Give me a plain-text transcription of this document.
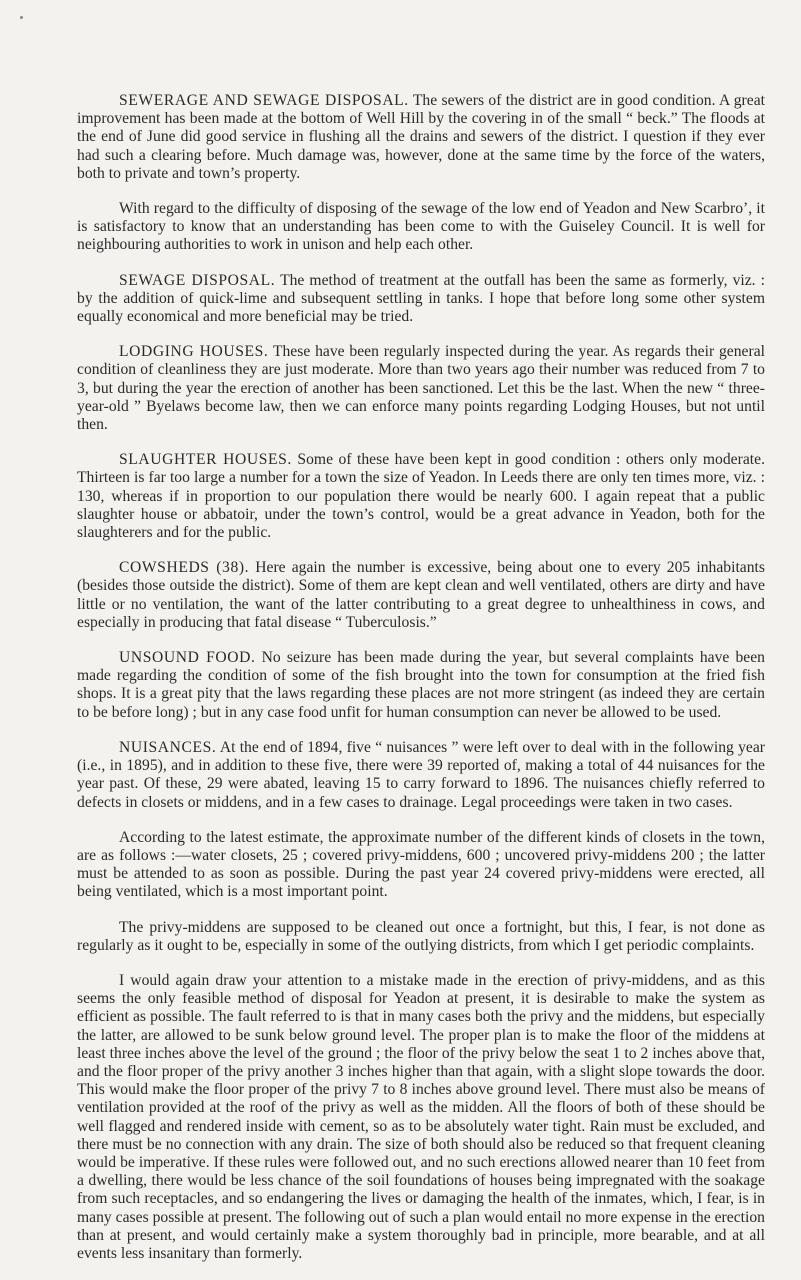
SEWERAGE AND SEWAGE DISPOSAL. The sewers of the district are in good condition. A great improvement has been made at the bottom of Well Hill by the covering in of the small “ beck.” The floods at the end of June did good service in flushing all the drains and sewers of the district. I question if they ever had such a clearing before. Much damage was, however, done at the same time by the force of the waters, both to private and town’s property.

With regard to the difficulty of disposing of the sewage of the low end of Yeadon and New Scarbro’, it is satisfactory to know that an understanding has been come to with the Guiseley Council. It is well for neighbouring authorities to work in unison and help each other.

SEWAGE DISPOSAL. The method of treatment at the outfall has been the same as formerly, viz. : by the addition of quick-lime and subsequent settling in tanks. I hope that before long some other system equally economical and more beneficial may be tried.

LODGING HOUSES. These have been regularly inspected during the year. As regards their general condition of cleanliness they are just moderate. More than two years ago their number was reduced from 7 to 3, but during the year the erection of another has been sanctioned. Let this be the last. When the new “ three-year-old ” Byelaws become law, then we can enforce many points regarding Lodging Houses, but not until then.

SLAUGHTER HOUSES. Some of these have been kept in good condition : others only moderate. Thirteen is far too large a number for a town the size of Yeadon. In Leeds there are only ten times more, viz. : 130, whereas if in proportion to our population there would be nearly 600. I again repeat that a public slaughter house or abbatoir, under the town’s control, would be a great advance in Yeadon, both for the slaughterers and for the public.

COWSHEDS (38). Here again the number is excessive, being about one to every 205 inhabitants (besides those outside the district). Some of them are kept clean and well ventilated, others are dirty and have little or no ventilation, the want of the latter contributing to a great degree to unhealthiness in cows, and especially in producing that fatal disease “ Tuberculosis.”

UNSOUND FOOD. No seizure has been made during the year, but several complaints have been made regarding the condition of some of the fish brought into the town for consumption at the fried fish shops. It is a great pity that the laws regarding these places are not more stringent (as indeed they are certain to be before long) ; but in any case food unfit for human consumption can never be allowed to be used.

NUISANCES. At the end of 1894, five “ nuisances ” were left over to deal with in the following year (i.e., in 1895), and in addition to these five, there were 39 reported of, making a total of 44 nuisances for the year past. Of these, 29 were abated, leaving 15 to carry forward to 1896. The nuisances chiefly referred to defects in closets or middens, and in a few cases to drainage. Legal proceedings were taken in two cases.

According to the latest estimate, the approximate number of the different kinds of closets in the town, are as follows :—water closets, 25 ; covered privy-middens, 600 ; uncovered privy-middens 200 ; the latter must be attended to as soon as possible. During the past year 24 covered privy-middens were erected, all being ventilated, which is a most important point.

The privy-middens are supposed to be cleaned out once a fortnight, but this, I fear, is not done as regularly as it ought to be, especially in some of the outlying districts, from which I get periodic complaints.

I would again draw your attention to a mistake made in the erection of privy-middens, and as this seems the only feasible method of disposal for Yeadon at present, it is desirable to make the system as efficient as possible. The fault referred to is that in many cases both the privy and the middens, but especially the latter, are allowed to be sunk below ground level. The proper plan is to make the floor of the middens at least three inches above the level of the ground ; the floor of the privy below the seat 1 to 2 inches above that, and the floor proper of the privy another 3 inches higher than that again, with a slight slope towards the door. This would make the floor proper of the privy 7 to 8 inches above ground level. There must also be means of ventilation provided at the roof of the privy as well as the midden. All the floors of both of these should be well flagged and rendered inside with cement, so as to be absolutely water tight. Rain must be excluded, and there must be no connection with any drain. The size of both should also be reduced so that frequent cleaning would be imperative. If these rules were followed out, and no such erections allowed nearer than 10 feet from a dwelling, there would be less chance of the soil foundations of houses being impregnated with the soakage from such receptacles, and so endangering the lives or damaging the health of the inmates, which, I fear, is in many cases possible at present. The following out of such a plan would entail no more expense in the erection than at present, and would certainly make a system thoroughly bad in principle, more bearable, and at all events less insanitary than formerly.
